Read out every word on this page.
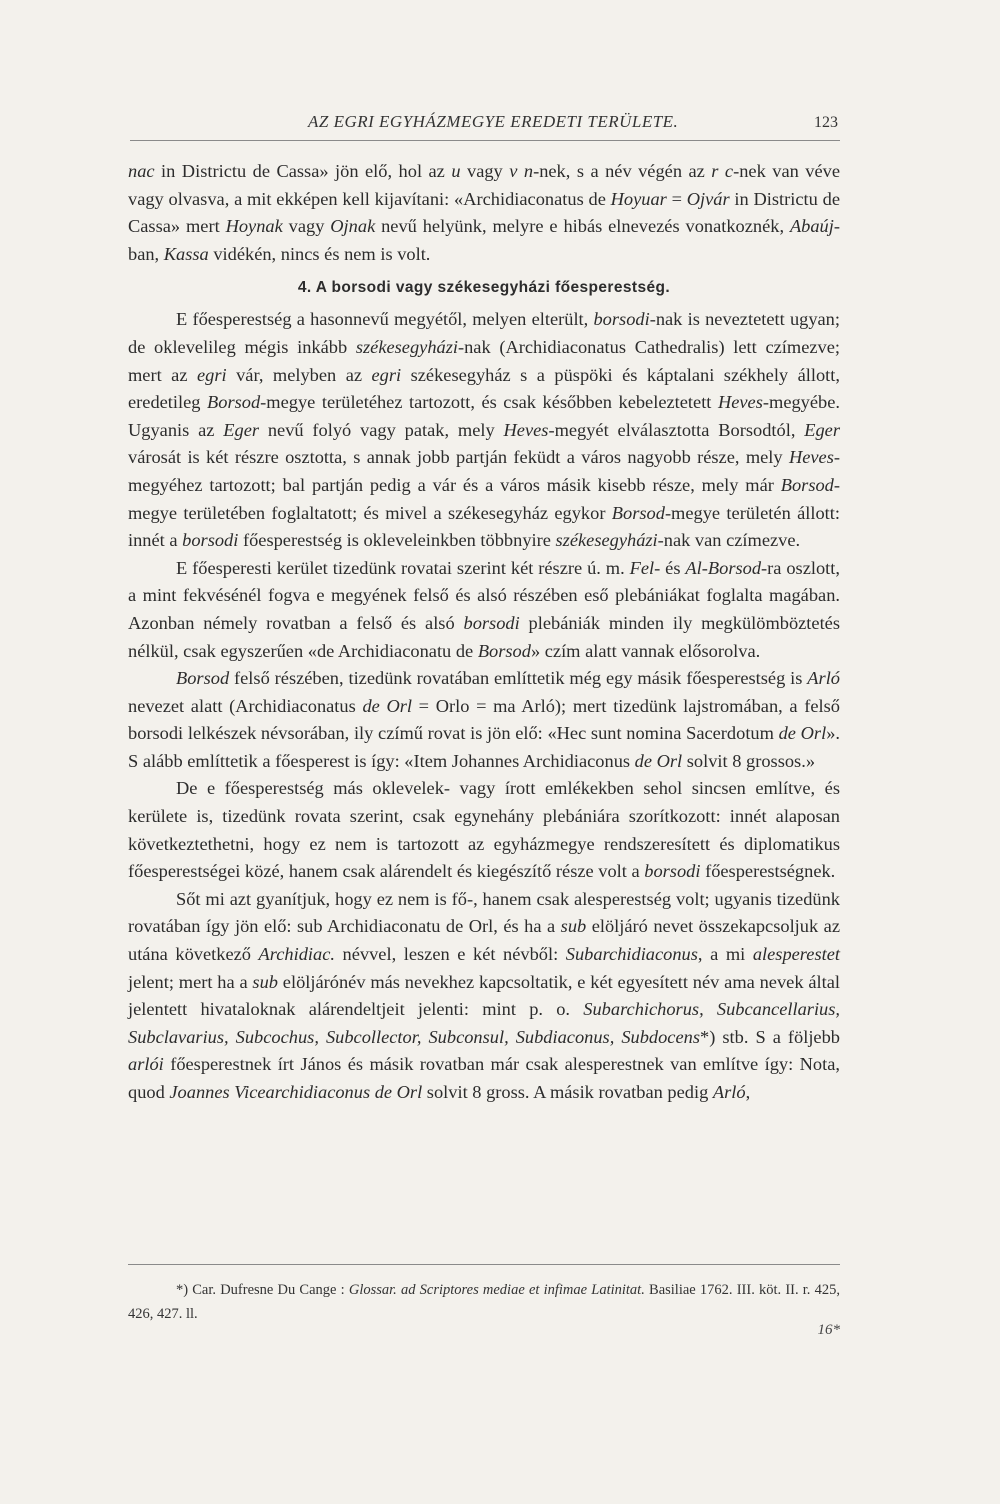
AZ EGRI EGYHÁZMEGYE EREDETI TERÜLETE.	123

nac in Districtu de Cassa» jön elő, hol az u vagy v n-nek, s a név végén az r c-nek van véve vagy olvasva, a mit ekképen kell kijavítani: «Archidiaconatus de Hoyuar = Ojvár in Districtu de Cassa» mert Hoynak vagy Ojnak nevű helyünk, melyre e hibás elnevezés vonatkoznék, Abaúj-ban, Kassa vidékén, nincs és nem is volt.

4. A borsodi vagy székesegyházi főesperestség.

E főesperestség a hasonnevű megyétől, melyen elterült, borsodi-nak is neveztetett ugyan; de oklevelileg mégis inkább székesegyházi-nak (Archidiaconatus Cathedralis) lett czímezve; mert az egri vár, melyben az egri székesegyház s a püspöki és káptalani székhely állott, eredetileg Borsod-megye területéhez tartozott, és csak későbben kebeleztetett Heves-megyébe. Ugyanis az Eger nevű folyó vagy patak, mely Heves-megyét elválasztotta Borsodtól, Eger városát is két részre osztotta, s annak jobb partján feküdt a város nagyobb része, mely Heves-megyéhez tartozott; bal partján pedig a vár és a város másik kisebb része, mely már Borsod-megye területében foglaltatott; és mivel a székesegyház egykor Borsod-megye területén állott: innét a borsodi főesperestség is okleveleinkben többnyire székesegyházi-nak van czímezve.

E főesperesti kerület tizedünk rovatai szerint két részre ú. m. Fel- és Al-Borsod-ra oszlott, a mint fekvésénél fogva e megyének felső és alsó részében eső plebániákat foglalta magában. Azonban némely rovatban a felső és alsó borsodi plebániák minden ily megkülömböztetés nélkül, csak egyszerűen «de Archidiaconatu de Borsod» czím alatt vannak elősorolva.

Borsod felső részében, tizedünk rovatában említtetik még egy másik főesperestség is Arló nevezet alatt (Archidiaconatus de Orl = Orlo = ma Arló); mert tizedünk lajstromában, a felső borsodi lelkészek névsorában, ily czímű rovat is jön elő: «Hec sunt nomina Sacerdotum de Orl». S alább említtetik a főesperest is így: «Item Johannes Archidiaconus de Orl solvit 8 grossos.»

De e főesperestség más oklevelek- vagy írott emlékekben sehol sincsen említve, és kerülete is, tizedünk rovata szerint, csak egynehány plebániára szorítkozott: innét alaposan következtethetni, hogy ez nem is tartozott az egyházmegye rendszeresített és diplomatikus főesperestségei közé, hanem csak alárendelt és kiegészítő része volt a borsodi főesperestségnek.

Sőt mi azt gyanítjuk, hogy ez nem is fő-, hanem csak alesperestség volt; ugyanis tizedünk rovatában így jön elő: sub Archidiaconatu de Orl, és ha a sub elöljáró nevet összekapcsoljuk az utána következő Archidiac. névvel, leszen e két névből: Subarchidiaconus, a mi alesperestet jelent; mert ha a sub elöljárónév más nevekhez kapcsoltatik, e két egyesített név ama nevek által jelentett hivataloknak alárendeltjeit jelenti: mint p. o. Subarchichorus, Subcancellarius, Subclavarius, Subcochus, Subcollector, Subconsul, Subdiaconus, Subdocens*) stb. S a följebb arlói főesperestnek írt János és másik rovatban már csak alesperestnek van említve így: Nota, quod Joannes Vicearchidiaconus de Orl solvit 8 gross. A másik rovatban pedig Arló,

*) Car. Dufresne Du Cange : Glossar. ad Scriptores mediae et infimae Latinitat. Basiliae 1762. III. köt. II. r. 425, 426, 427. ll.

16*
